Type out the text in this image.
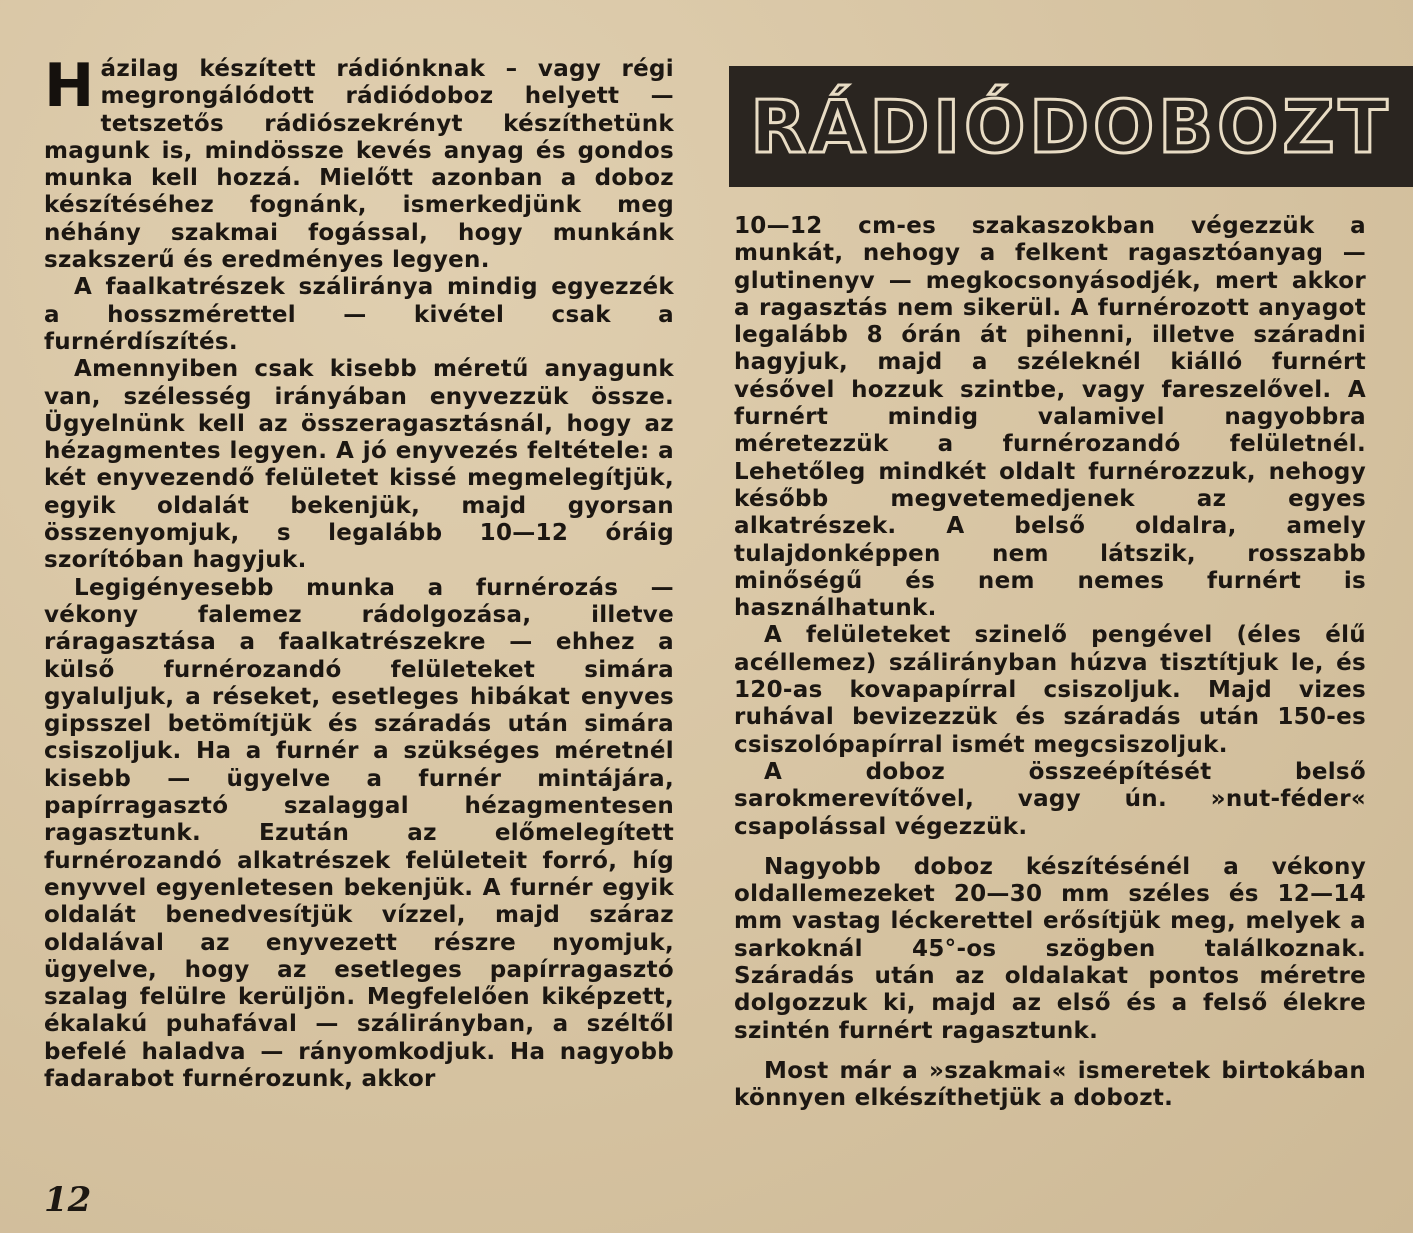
Házilag készített rádiónknak – vagy régi megrongálódott rádiódoboz helyett — tetszetős rádiószekrényt készíthetünk magunk is, mindössze kevés anyag és gondos munka kell hozzá. Mielőtt azonban a doboz készítéséhez fognánk, ismerkedjünk meg néhány szakmai fogással, hogy munkánk szakszerű és eredményes legyen.

A faalkatrészek száliránya mindig egyezzék a hosszmérettel — kivétel csak a furnérdíszítés.

Amennyiben csak kisebb méretű anyagunk van, szélesség irányában enyvezzük össze. Ügyelnünk kell az összeragasztásnál, hogy az hézagmentes legyen. A jó enyvezés feltétele: a két enyvezendő felületet kissé megmelegítjük, egyik oldalát bekenjük, majd gyorsan összenyomjuk, s legalább 10—12 óráig szorítóban hagyjuk.

Legigényesebb munka a furnérozás — vékony falemez rádolgozása, illetve ráragasztása a faalkatrészekre — ehhez a külső furnérozandó felületeket simára gyaluljuk, a réseket, esetleges hibákat enyves gipsszel betömítjük és száradás után simára csiszoljuk. Ha a furnér a szükséges méretnél kisebb — ügyelve a furnér mintájára, papírragasztó szalaggal hézagmentesen ragasztunk. Ezután az előmelegített furnérozandó alkatrészek felületeit forró, híg enyvvel egyenletesen bekenjük. A furnér egyik oldalát benedvesítjük vízzel, majd száraz oldalával az enyvezett részre nyomjuk, ügyelve, hogy az esetleges papírragasztó szalag felülre kerüljön. Megfelelően kiképzett, ékalakú puhafával — szálirányban, a széltől befelé haladva — rányomkodjuk. Ha nagyobb fadarabot furnérozunk, akkor

RÁDIÓDOBOZT

10—12 cm-es szakaszokban végezzük a munkát, nehogy a felkent ragasztóanyag — glutinenyv — megkocsonyásodjék, mert akkor a ragasztás nem sikerül. A furnérozott anyagot legalább 8 órán át pihenni, illetve száradni hagyjuk, majd a széleknél kiálló furnért vésővel hozzuk szintbe, vagy fareszelővel. A furnért mindig valamivel nagyobbra méretezzük a furnérozandó felületnél. Lehetőleg mindkét oldalt furnérozzuk, nehogy később megvetemedjenek az egyes alkatrészek. A belső oldalra, amely tulajdonképpen nem látszik, rosszabb minőségű és nem nemes furnért is használhatunk.

A felületeket szinelő pengével (éles élű acéllemez) szálirányban húzva tisztítjuk le, és 120-as kovapapírral csiszoljuk. Majd vizes ruhával bevizezzük és száradás után 150-es csiszolópapírral ismét megcsiszoljuk.

A doboz összeépítését belső sarokmerevítővel, vagy ún. »nut-féder« csapolással végezzük.

Nagyobb doboz készítésénél a vékony oldallemezeket 20—30 mm széles és 12—14 mm vastag léckerettel erősítjük meg, melyek a sarkoknál 45°-os szögben találkoznak. Száradás után az oldalakat pontos méretre dolgozzuk ki, majd az első és a felső élekre szintén furnért ragasztunk.

Most már a »szakmai« ismeretek birtokában könnyen elkészíthetjük a dobozt.

12
